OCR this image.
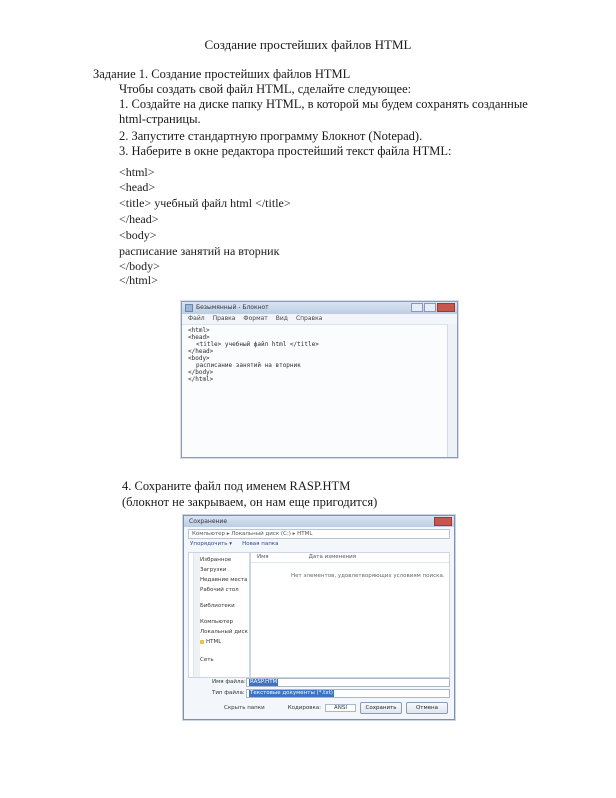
Создание простейших файлов HTML
Задание 1. Создание простейших файлов HTML
Чтобы создать свой файл HTML, сделайте следующее:
1. Создайте на диске папку HTML, в которой мы будем сохранять созданные
html-страницы.
2. Запустите стандартную программу Блокнот (Notepad).
3. Наберите в окне редактора простейший текст файла HTML:
<html>
<head>
<title> учебный файл html </title>
</head>
<body>
расписание занятий на вторник
</body>
</html>
Безымянный - Блокнот
Файл Правка Формат Вид Справка
<html>
<head>
<title> учебный файл html </title>
</head>
<body>
расписание занятий на вторник
</body>
</html>
4. Сохраните файл под именем RASP.HTM
(блокнот не закрываем, он нам еще пригодится)
Сохранение
Компьютер ▸ Локальный диск (C:) ▸ HTML
Упорядочить ▾ Новая папка
Избранное
Загрузки
Недавние места
Рабочий стол
Библиотеки
Компьютер
Локальный диск
HTML
Сеть
Имя	Дата изменения
Нет элементов, удовлетворяющих условиям поиска.
Имя файла: RASP.HTM
Тип файла: Текстовые документы (*.txt)
Скрыть папки	Кодировка:	ANSI	Сохранить	Отмена
